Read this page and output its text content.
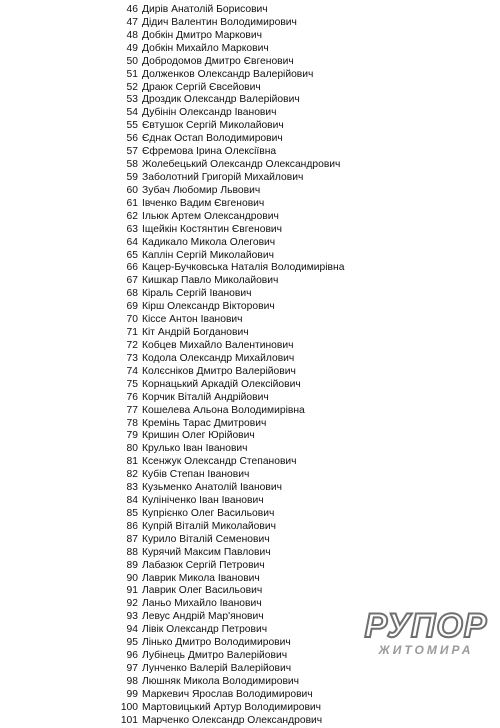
46 Дирів Анатолій Борисович
47 Дідич Валентин Володимирович
48 Добкін Дмитро Маркович
49 Добкін Михайло Маркович
50 Добродомов Дмитро Євгенович
51 Долженков Олександр Валерійович
52 Драюк Сергій Євсейович
53 Дроздик Олександр Валерійович
54 Дубінін Олександр Іванович
55 Євтушок Сергій Миколайович
56 Єднак Остап Володимирович
57 Єфремова Ірина Олексіївна
58 Жолебецький Олександр Олександрович
59 Заболотний Григорій Михайлович
60 Зубач Любомир Львович
61 Івченко Вадим Євгенович
62 Ільюк Артем Олександрович
63 Іщейкін Костянтин Євгенович
64 Кадикало Микола Олегович
65 Каплін Сергій Миколайович
66 Кацер-Бучковська Наталія Володимирівна
67 Кишкар Павло Миколайович
68 Кіраль Сергій Іванович
69 Кірш Олександр Вікторович
70 Кіссе Антон Іванович
71 Кіт Андрій Богданович
72 Кобцев Михайло Валентинович
73 Кодола Олександр Михайлович
74 Колєсніков Дмитро Валерійович
75 Корнацький Аркадій Олексійович
76 Корчик Віталій Андрійович
77 Кошелева Альона Володимирівна
78 Кремінь Тарас Дмитрович
79 Кришин Олег Юрійович
80 Крулько Іван Іванович
81 Ксенжук Олександр Степанович
82 Кубів Степан Іванович
83 Кузьменко Анатолій Іванович
84 Кулініченко Іван Іванович
85 Купрієнко Олег Васильович
86 Купрій Віталій Миколайович
87 Курило Віталій Семенович
88 Курячий Максим Павлович
89 Лабазюк Сергій Петрович
90 Лаврик Микола Іванович
91 Лаврик Олег Васильович
92 Ланьо Михайло Іванович
93 Левус Андрій Мар'янович
94 Лівік Олександр Петрович
95 Лінько Дмитро Володимирович
96 Лубінець Дмитро Валерійович
97 Лунченко Валерій Валерійович
98 Люшняк Микола Володимирович
99 Маркевич Ярослав Володимирович
100 Мартовицький Артур Володимирович
101 Марченко Олександр Олександрович
РУПОР
ЖИТОМИРА
